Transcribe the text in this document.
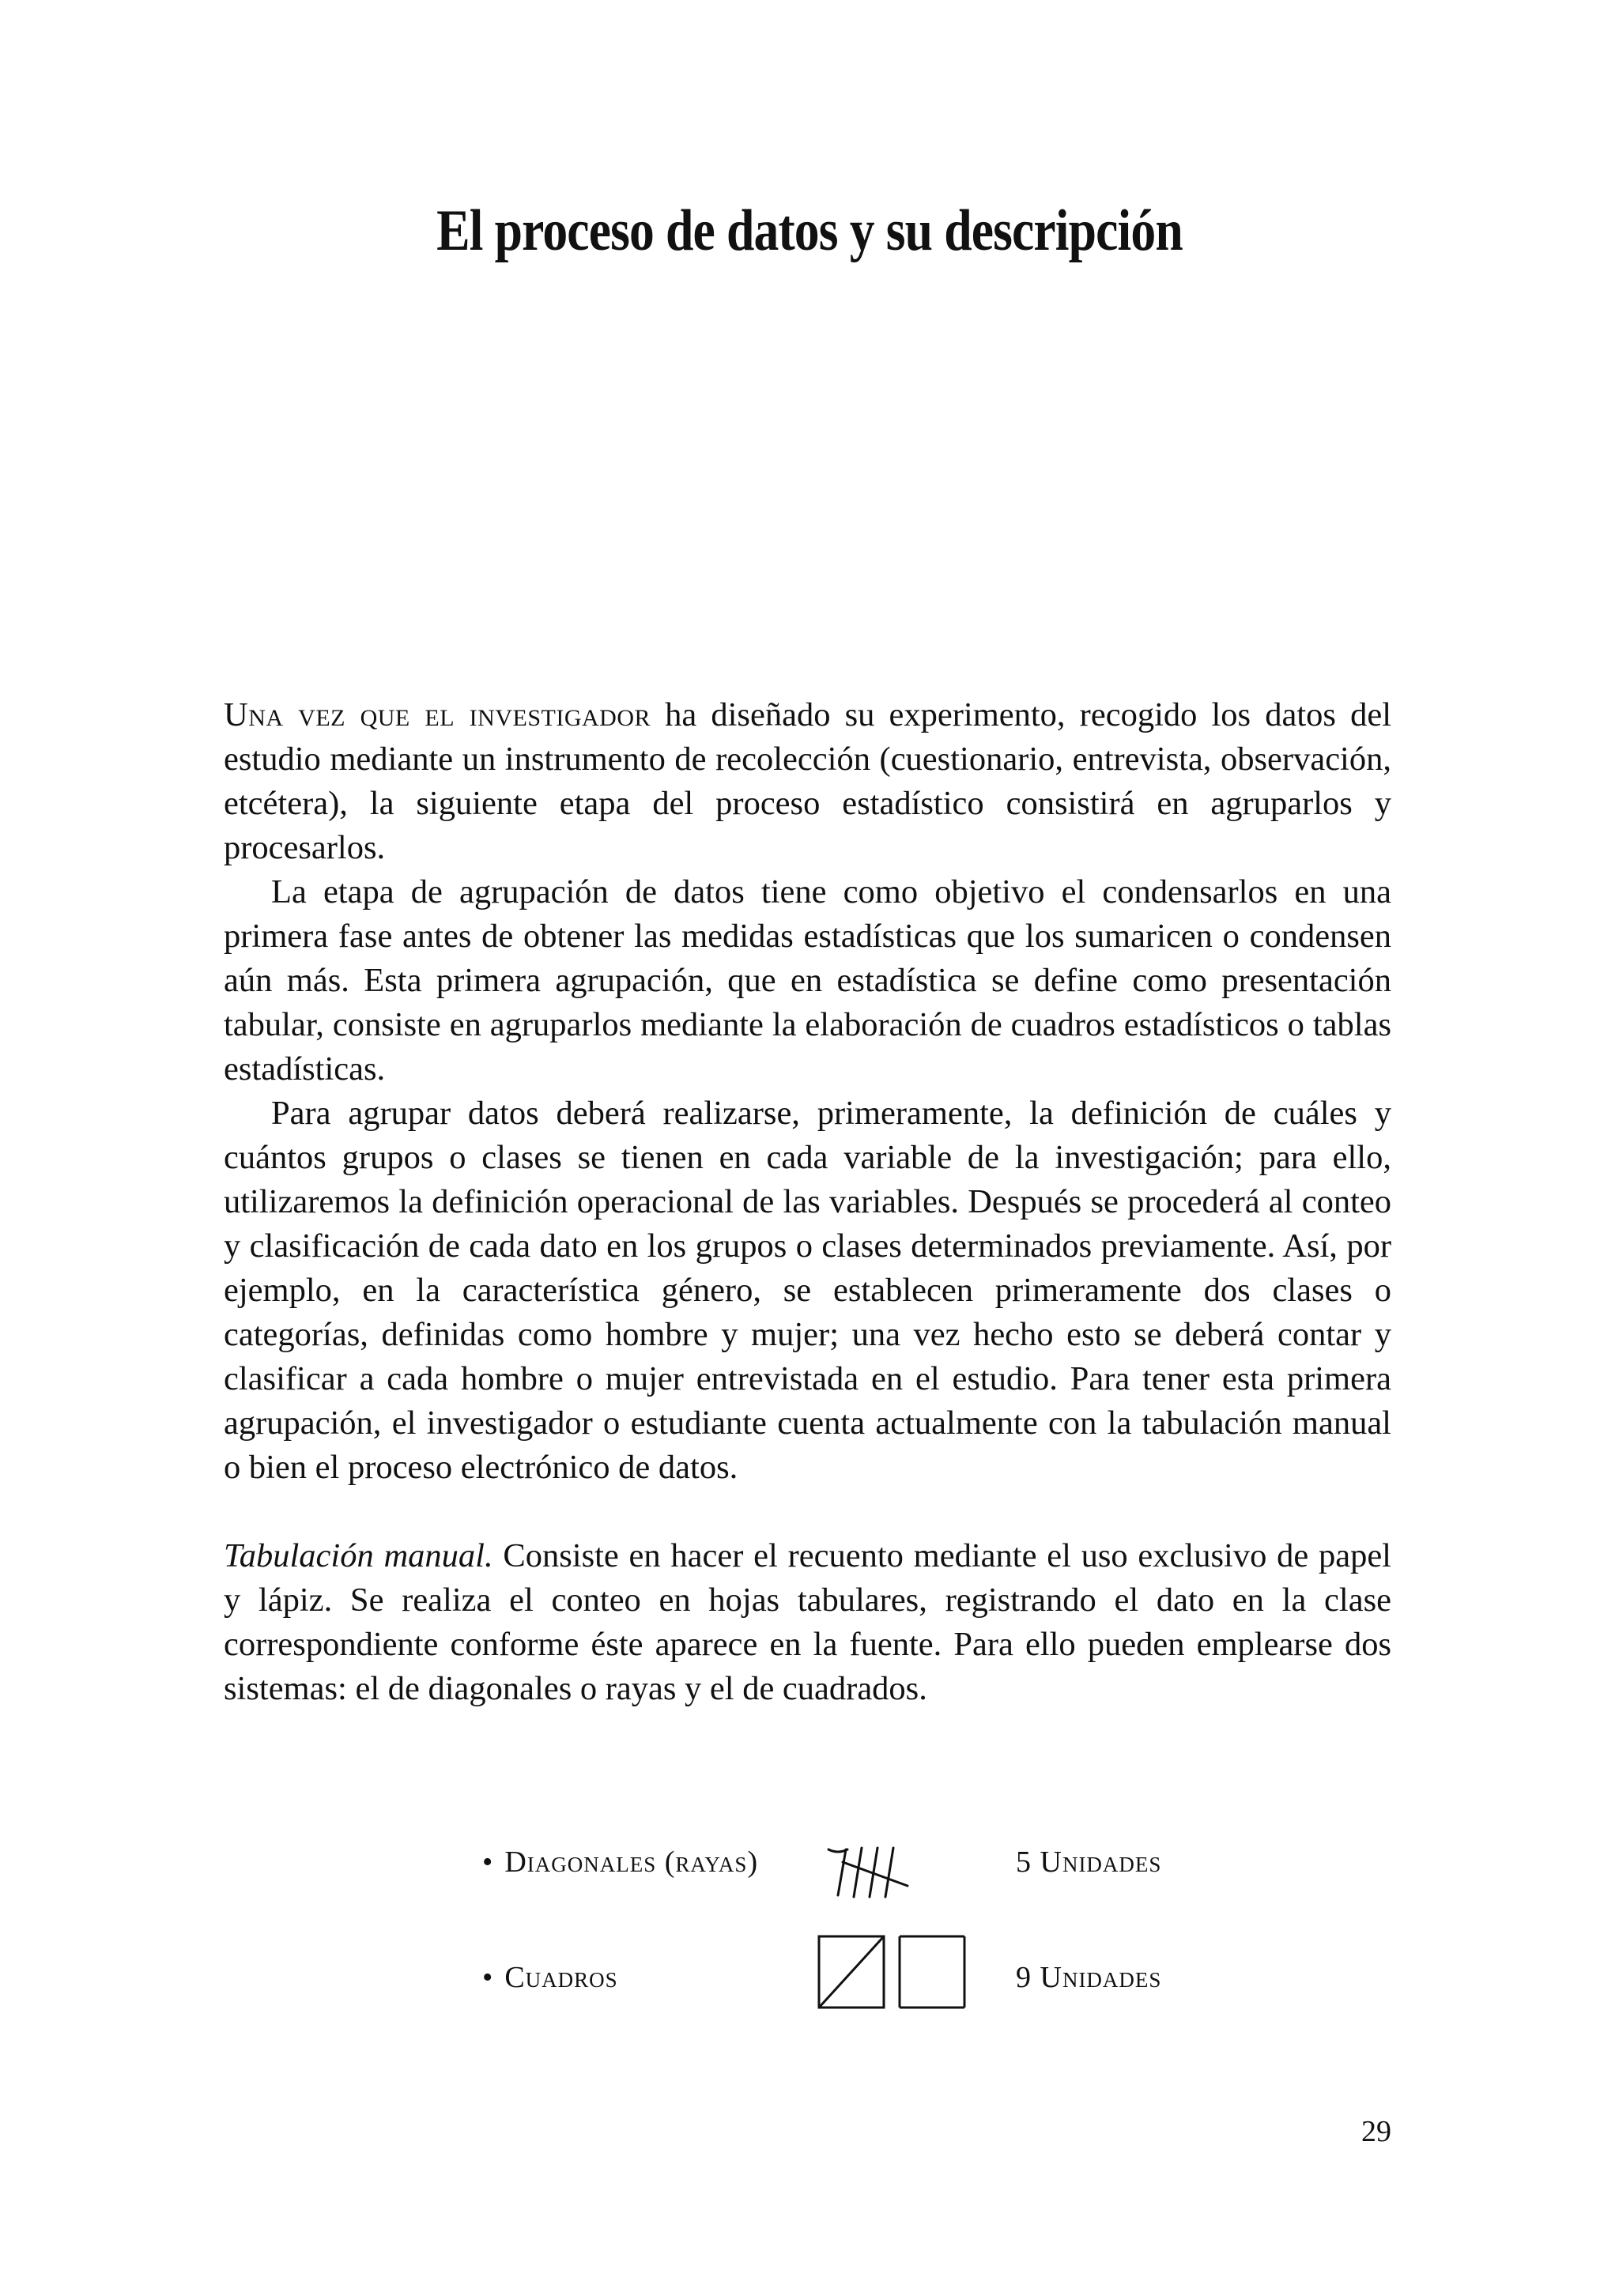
El proceso de datos y su descripción

Una vez que el investigador ha diseñado su experimento, recogido los datos del estudio mediante un instrumento de recolección (cuestionario, entrevista, observación, etcétera), la siguiente etapa del proceso estadístico consistirá en agruparlos y procesarlos.

La etapa de agrupación de datos tiene como objetivo el condensarlos en una primera fase antes de obtener las medidas estadísticas que los sumaricen o condensen aún más. Esta primera agrupación, que en estadística se define como presentación tabular, consiste en agruparlos mediante la elaboración de cuadros estadísticos o tablas estadísticas.

Para agrupar datos deberá realizarse, primeramente, la definición de cuáles y cuántos grupos o clases se tienen en cada variable de la investigación; para ello, utilizaremos la definición operacional de las variables. Después se procederá al conteo y clasificación de cada dato en los grupos o clases determinados previamente. Así, por ejemplo, en la característica género, se establecen primeramente dos clases o categorías, definidas como hombre y mujer; una vez hecho esto se deberá contar y clasificar a cada hombre o mujer entrevistada en el estudio. Para tener esta primera agrupación, el investigador o estudiante cuenta actualmente con la tabulación manual o bien el proceso electrónico de datos.

Tabulación manual. Consiste en hacer el recuento mediante el uso exclusivo de papel y lápiz. Se realiza el conteo en hojas tabulares, registrando el dato en la clase correspondiente conforme éste aparece en la fuente. Para ello pueden emplearse dos sistemas: el de diagonales o rayas y el de cuadrados.

• Diagonales (rayas)	5 Unidades
• Cuadros	9 Unidades
29
